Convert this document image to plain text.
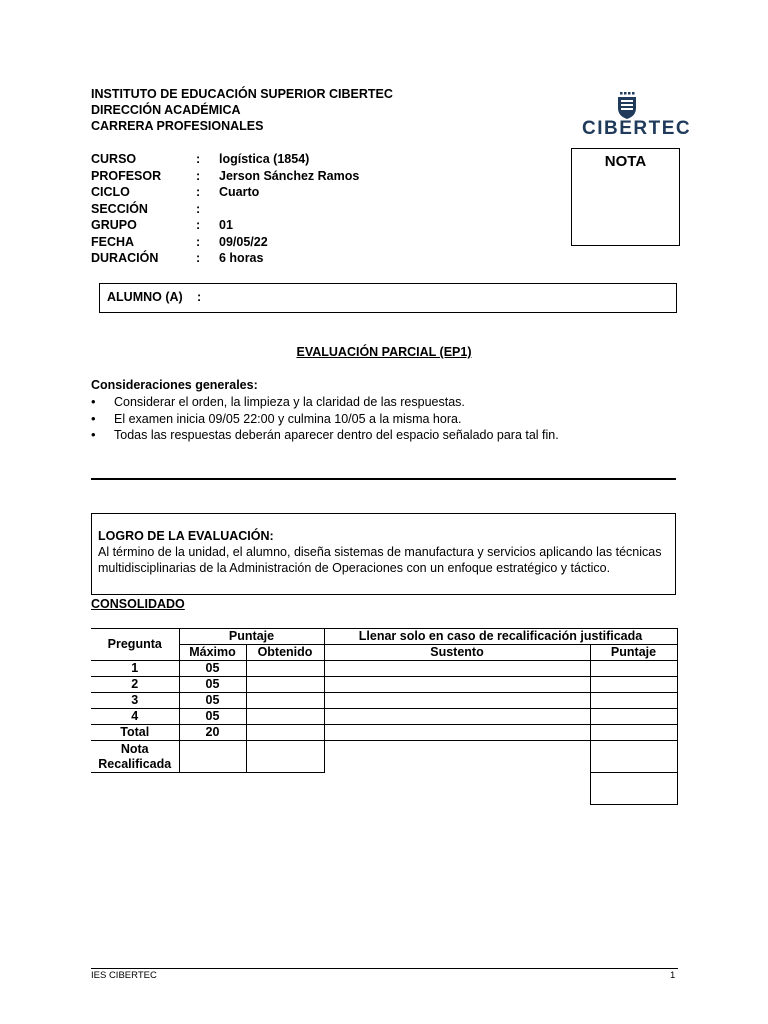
INSTITUTO DE EDUCACIÓN SUPERIOR CIBERTEC
DIRECCIÓN ACADÉMICA
CARRERA PROFESIONALES	CIBERTEC
CURSO	: logística (1854)
PROFESOR	: Jerson Sánchez Ramos
CICLO	: Cuarto
SECCIÓN	:
GRUPO	: 01
FECHA	: 09/05/22
DURACIÓN	: 6 horas
NOTA
ALUMNO (A) :
EVALUACIÓN PARCIAL (EP1)
Consideraciones generales:
• Considerar el orden, la limpieza y la claridad de las respuestas.
• El examen inicia 09/05 22:00 y culmina 10/05 a la misma hora.
• Todas las respuestas deberán aparecer dentro del espacio señalado para tal fin.
LOGRO DE LA EVALUACIÓN:
Al término de la unidad, el alumno, diseña sistemas de manufactura y servicios aplicando las técnicas
multidisciplinarias de la Administración de Operaciones con un enfoque estratégico y táctico.
CONSOLIDADO
Pregunta	Puntaje		Llenar solo en caso de recalificación justificada	
	Máximo	Obtenido	Sustento	Puntaje
1	05			
2	05			
3	05			
4	05			
Total	20			

Nota
Recalificada				

IES CIBERTEC	1
